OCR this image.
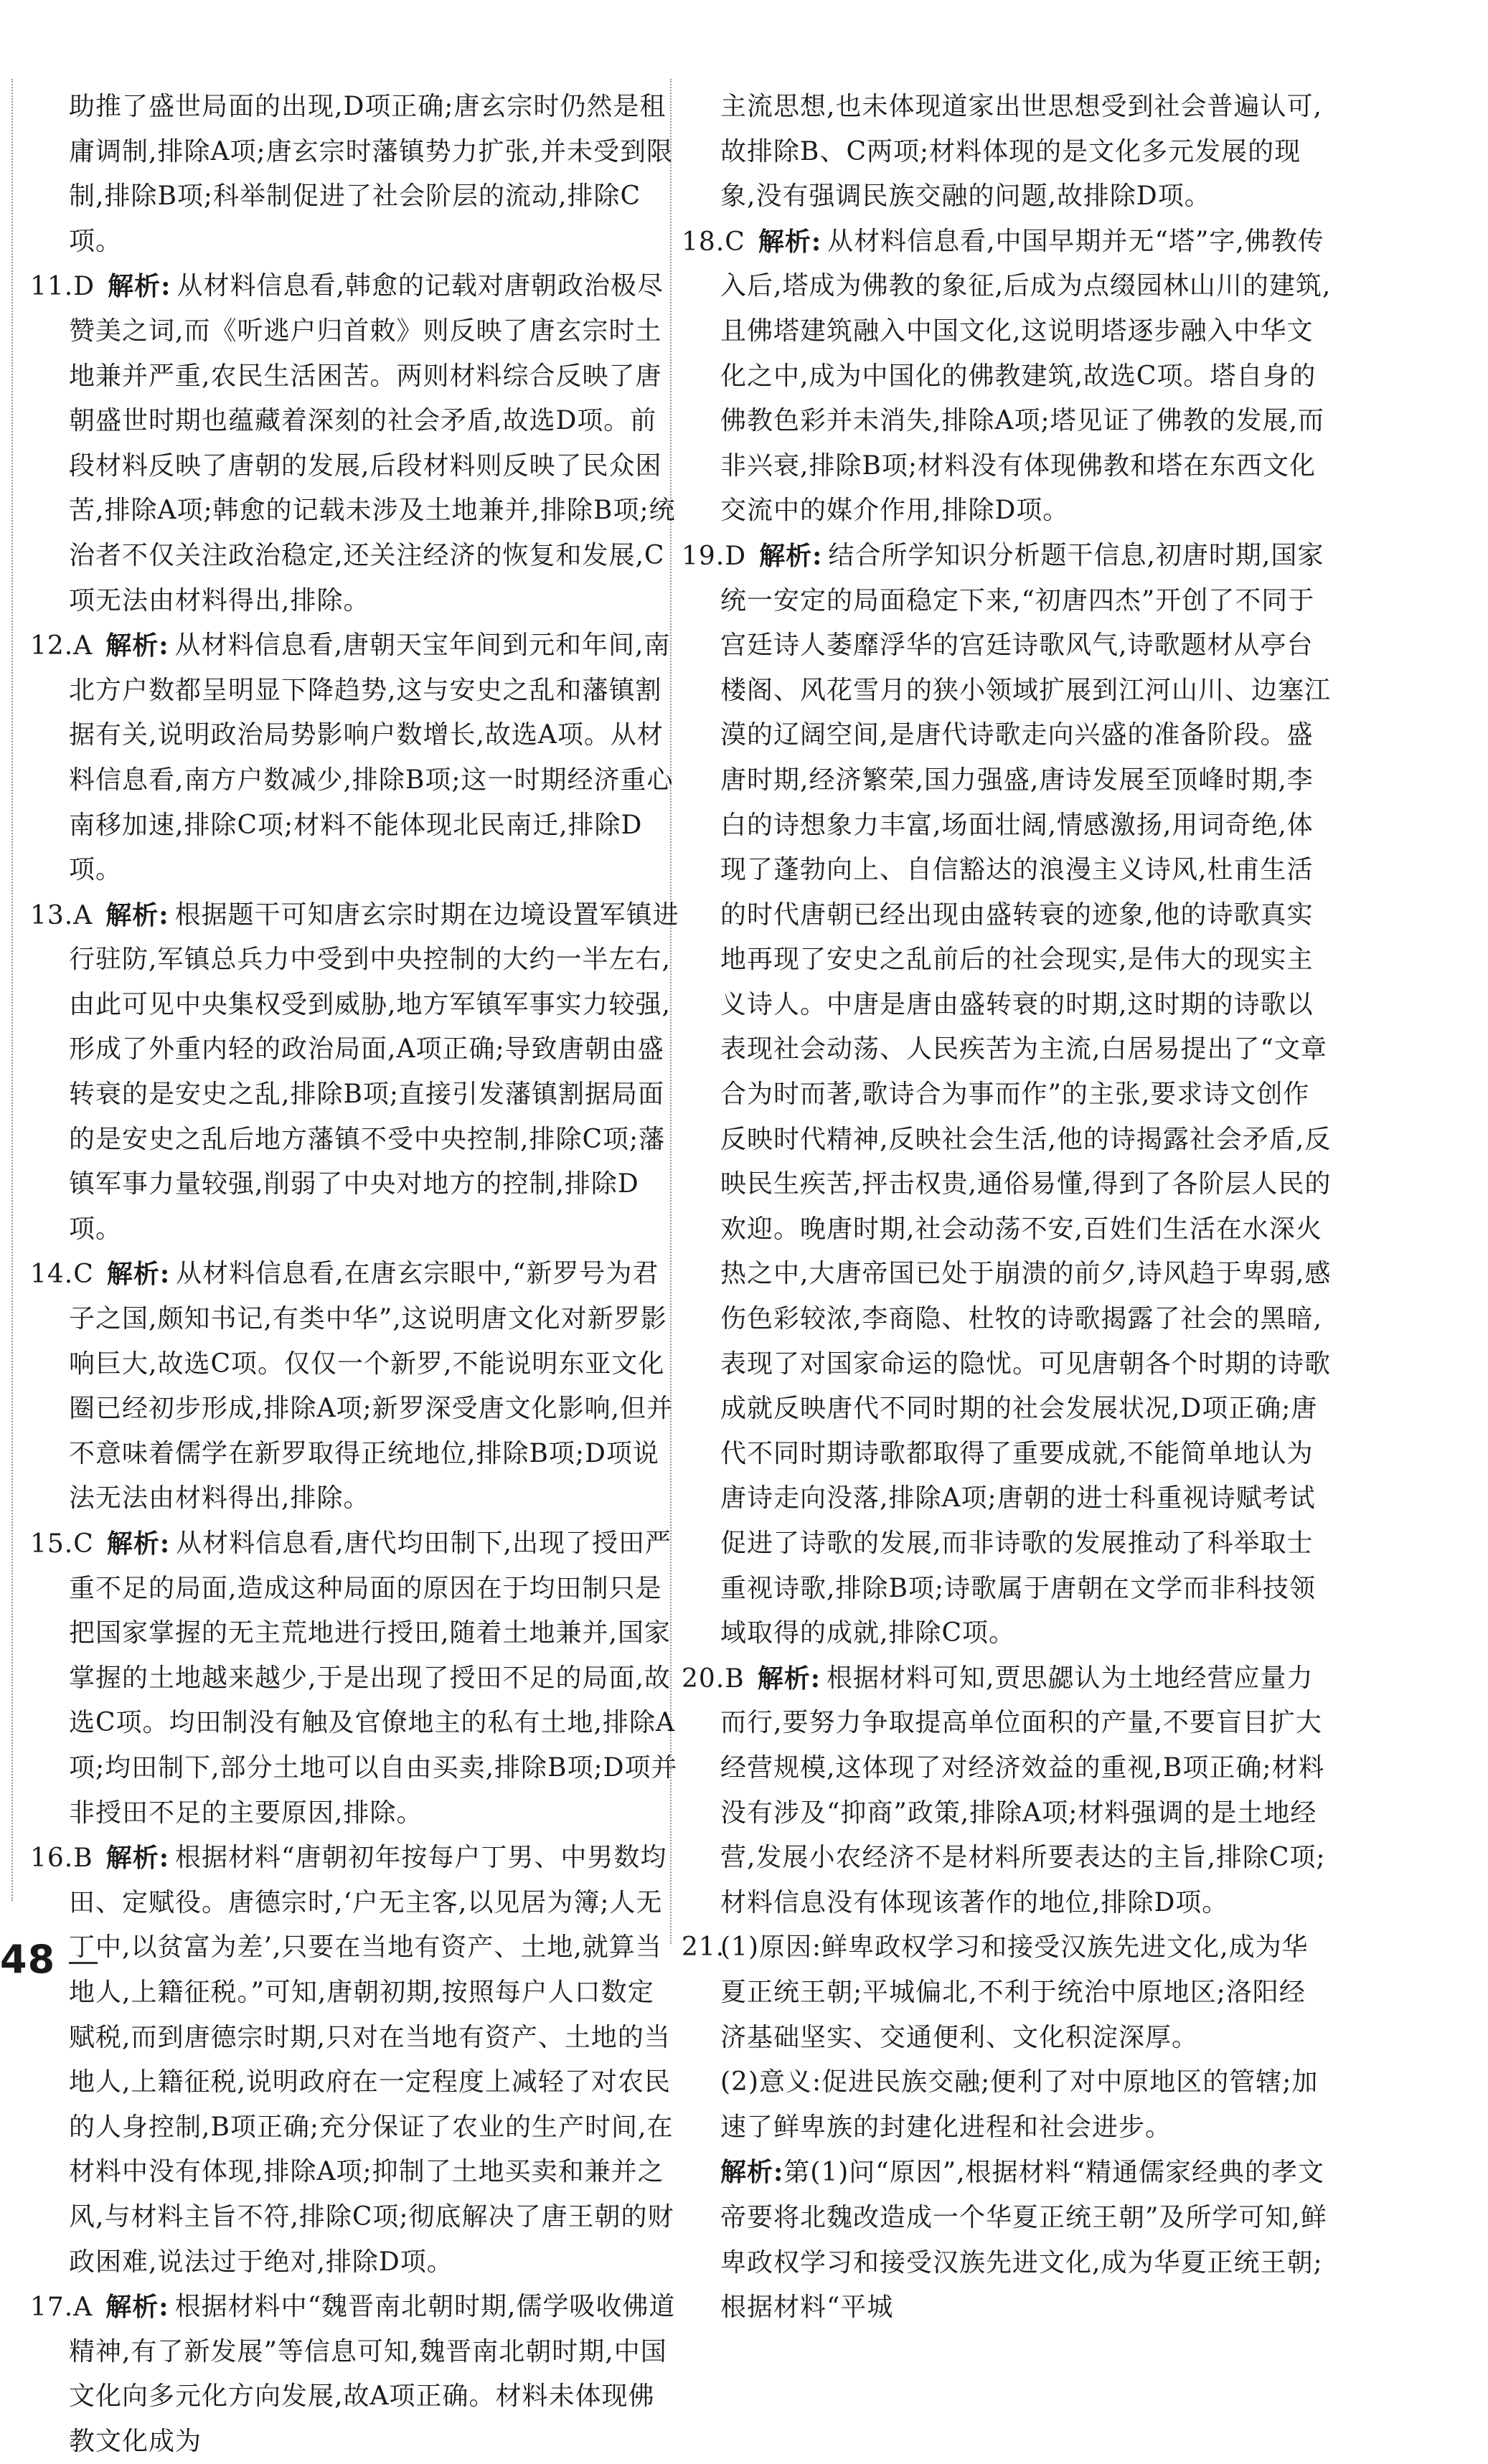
助推了盛世局面的出现,D项正确;唐玄宗时仍然是租庸调制,排除A项;唐玄宗时藩镇势力扩张,并未受到限制,排除B项;科举制促进了社会阶层的流动,排除C项。

11.D 解析: 从材料信息看,韩愈的记载对唐朝政治极尽赞美之词,而《听逃户归首敕》则反映了唐玄宗时土地兼并严重,农民生活困苦。两则材料综合反映了唐朝盛世时期也蕴藏着深刻的社会矛盾,故选D项。前段材料反映了唐朝的发展,后段材料则反映了民众困苦,排除A项;韩愈的记载未涉及土地兼并,排除B项;统治者不仅关注政治稳定,还关注经济的恢复和发展,C项无法由材料得出,排除。
12.A 解析: 从材料信息看,唐朝天宝年间到元和年间,南北方户数都呈明显下降趋势,这与安史之乱和藩镇割据有关,说明政治局势影响户数增长,故选A项。从材料信息看,南方户数减少,排除B项;这一时期经济重心南移加速,排除C项;材料不能体现北民南迁,排除D项。
13.A 解析: 根据题干可知唐玄宗时期在边境设置军镇进行驻防,军镇总兵力中受到中央控制的大约一半左右,由此可见中央集权受到威胁,地方军镇军事实力较强,形成了外重内轻的政治局面,A项正确;导致唐朝由盛转衰的是安史之乱,排除B项;直接引发藩镇割据局面的是安史之乱后地方藩镇不受中央控制,排除C项;藩镇军事力量较强,削弱了中央对地方的控制,排除D项。
14.C 解析: 从材料信息看,在唐玄宗眼中,“新罗号为君子之国,颇知书记,有类中华”,这说明唐文化对新罗影响巨大,故选C项。仅仅一个新罗,不能说明东亚文化圈已经初步形成,排除A项;新罗深受唐文化影响,但并不意味着儒学在新罗取得正统地位,排除B项;D项说法无法由材料得出,排除。
15.C 解析: 从材料信息看,唐代均田制下,出现了授田严重不足的局面,造成这种局面的原因在于均田制只是把国家掌握的无主荒地进行授田,随着土地兼并,国家掌握的土地越来越少,于是出现了授田不足的局面,故选C项。均田制没有触及官僚地主的私有土地,排除A项;均田制下,部分土地可以自由买卖,排除B项;D项并非授田不足的主要原因,排除。
16.B 解析: 根据材料“唐朝初年按每户丁男、中男数均田、定赋役。唐德宗时,‘户无主客,以见居为簿;人无丁中,以贫富为差’,只要在当地有资产、土地,就算当地人,上籍征税。”可知,唐朝初期,按照每户人口数定赋税,而到唐德宗时期,只对在当地有资产、土地的当地人,上籍征税,说明政府在一定程度上减轻了对农民的人身控制,B项正确;充分保证了农业的生产时间,在材料中没有体现,排除A项;抑制了土地买卖和兼并之风,与材料主旨不符,排除C项;彻底解决了唐王朝的财政困难,说法过于绝对,排除D项。
17.A 解析: 根据材料中“魏晋南北朝时期,儒学吸收佛道精神,有了新发展”等信息可知,魏晋南北朝时期,中国文化向多元化方向发展,故A项正确。材料未体现佛教文化成为

主流思想,也未体现道家出世思想受到社会普遍认可,故排除B、C两项;材料体现的是文化多元发展的现象,没有强调民族交融的问题,故排除D项。

18.C 解析: 从材料信息看,中国早期并无“塔”字,佛教传入后,塔成为佛教的象征,后成为点缀园林山川的建筑,且佛塔建筑融入中国文化,这说明塔逐步融入中华文化之中,成为中国化的佛教建筑,故选C项。塔自身的佛教色彩并未消失,排除A项;塔见证了佛教的发展,而非兴衰,排除B项;材料没有体现佛教和塔在东西文化交流中的媒介作用,排除D项。
19.D 解析: 结合所学知识分析题干信息,初唐时期,国家统一安定的局面稳定下来,“初唐四杰”开创了不同于宫廷诗人萎靡浮华的宫廷诗歌风气,诗歌题材从亭台楼阁、风花雪月的狭小领域扩展到江河山川、边塞江漠的辽阔空间,是唐代诗歌走向兴盛的准备阶段。盛唐时期,经济繁荣,国力强盛,唐诗发展至顶峰时期,李白的诗想象力丰富,场面壮阔,情感激扬,用词奇绝,体现了蓬勃向上、自信豁达的浪漫主义诗风,杜甫生活的时代唐朝已经出现由盛转衰的迹象,他的诗歌真实地再现了安史之乱前后的社会现实,是伟大的现实主义诗人。中唐是唐由盛转衰的时期,这时期的诗歌以表现社会动荡、人民疾苦为主流,白居易提出了“文章合为时而著,歌诗合为事而作”的主张,要求诗文创作反映时代精神,反映社会生活,他的诗揭露社会矛盾,反映民生疾苦,抨击权贵,通俗易懂,得到了各阶层人民的欢迎。晚唐时期,社会动荡不安,百姓们生活在水深火热之中,大唐帝国已处于崩溃的前夕,诗风趋于卑弱,感伤色彩较浓,李商隐、杜牧的诗歌揭露了社会的黑暗,表现了对国家命运的隐忧。可见唐朝各个时期的诗歌成就反映唐代不同时期的社会发展状况,D项正确;唐代不同时期诗歌都取得了重要成就,不能简单地认为唐诗走向没落,排除A项;唐朝的进士科重视诗赋考试促进了诗歌的发展,而非诗歌的发展推动了科举取士重视诗歌,排除B项;诗歌属于唐朝在文学而非科技领域取得的成就,排除C项。
20.B 解析: 根据材料可知,贾思勰认为土地经营应量力而行,要努力争取提高单位面积的产量,不要盲目扩大经营规模,这体现了对经济效益的重视,B项正确;材料没有涉及“抑商”政策,排除A项;材料强调的是土地经营,发展小农经济不是材料所要表达的主旨,排除C项;材料信息没有体现该著作的地位,排除D项。
21.
(1)原因:鲜卑政权学习和接受汉族先进文化,成为华夏正统王朝;平城偏北,不利于统治中原地区;洛阳经济基础坚实、交通便利、文化积淀深厚。

(2)意义:促进民族交融;便利了对中原地区的管辖;加速了鲜卑族的封建化进程和社会进步。

解析:第(1)问“原因”,根据材料“精通儒家经典的孝文帝要将北魏改造成一个华夏正统王朝”及所学可知,鲜卑政权学习和接受汉族先进文化,成为华夏正统王朝;根据材料“平城

48
